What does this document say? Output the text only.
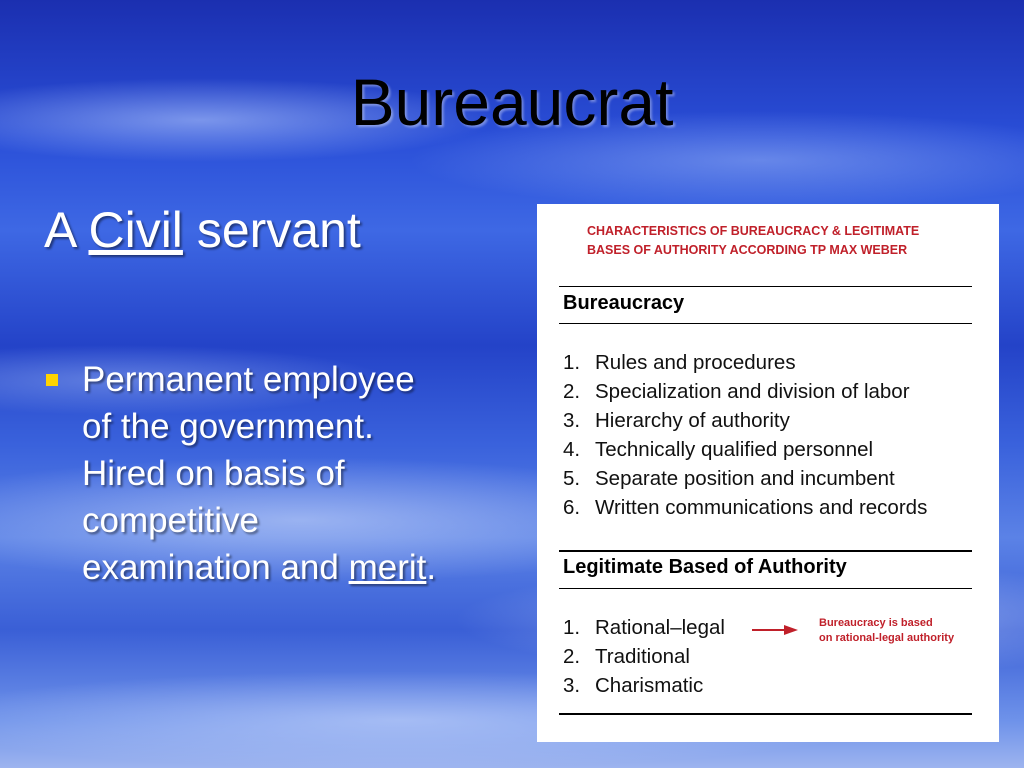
Bureaucrat
A Civil servant
Permanent employee
of the government.
Hired on basis of
competitive
examination and merit.
CHARACTERISTICS OF BUREAUCRACY & LEGITIMATE
BASES OF AUTHORITY ACCORDING TP MAX WEBER
Bureaucracy
1. Rules and procedures
2. Specialization and division of labor
3. Hierarchy of authority
4. Technically qualified personnel
5. Separate position and incumbent
6. Written communications and records
Legitimate Based of Authority
1. Rational–legal
2. Traditional
3. Charismatic
Bureaucracy is based
on rational-legal authority
